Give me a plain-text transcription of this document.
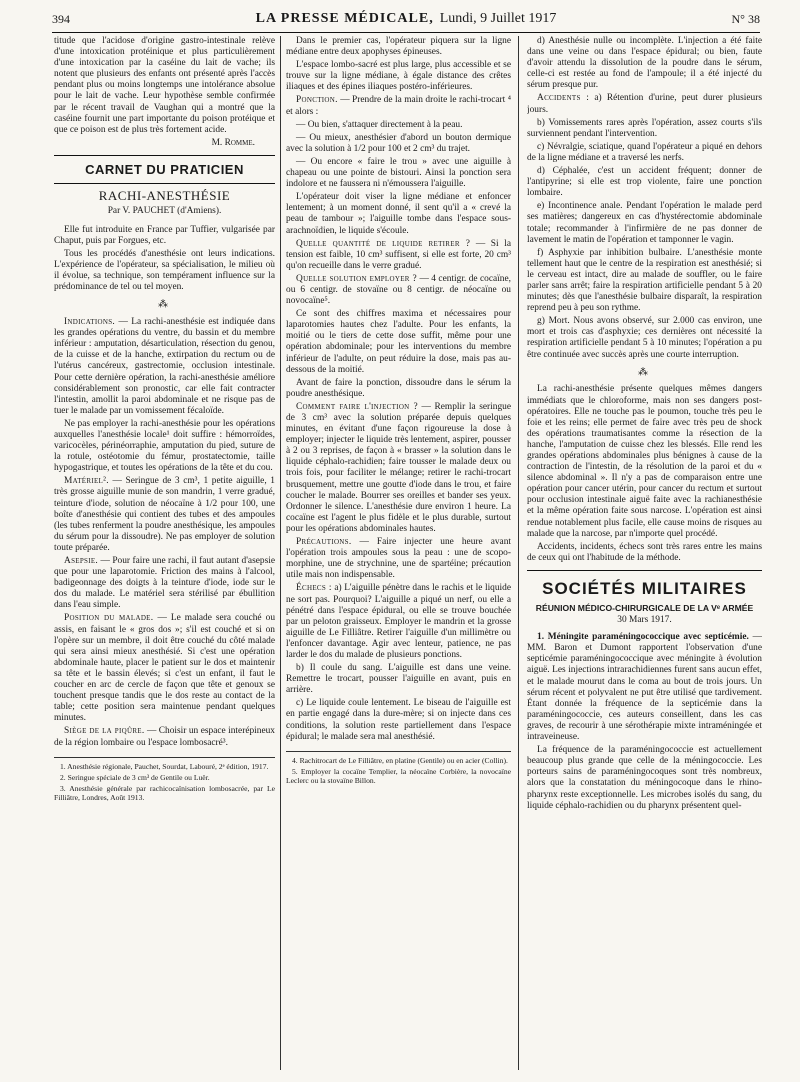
394	LA PRESSE MÉDICALE, Lundi, 9 Juillet 1917	N° 38

titude que l'acidose d'origine gastro-intestinale relève d'une intoxication protéinique et plus particulièrement d'une intoxication par la caséine du lait de vache; ils notent que plusieurs des enfants ont présenté après l'accès pendant plus ou moins longtemps une intolérance absolue pour le lait de vache. Leur hypothèse semble confirmée par le récent travail de Vaughan qui a montré que la caséine fournit une part importante du poison protéique et que ce poison est de plus très fortement acide.

M. Romme.
CARNET DU PRATICIEN
RACHI-ANESTHÉSIE
Par V. PAUCHET (d'Amiens).

Elle fut introduite en France par Tuffier, vulgarisée par Chaput, puis par Forgues, etc.

Tous les procédés d'anesthésie ont leurs indications. L'expérience de l'opérateur, sa spécialisation, le milieu où il évolue, sa technique, son tempérament influence sur la prédominance de tel ou tel moyen.

⁂

Indications. — La rachi-anesthésie est indiquée dans les grandes opérations du ventre, du bassin et du membre inférieur : amputation, désarticulation, résection du genou, de la cuisse et de la hanche, extirpation du rectum ou de l'utérus cancéreux, gastrectomie, occlusion intestinale. Pour cette dernière opération, la rachi-anesthésie améliore considérablement son pronostic, car elle fait contracter l'intestin, amollit la paroi abdominale et ne risque pas de tuer le malade par un vomissement fécaloïde.

Ne pas employer la rachi-anesthésie pour les opérations auxquelles l'anesthésie locale¹ doit suffire : hémorroïdes, varicocèles, périnéorraphie, amputation du pied, suture de la rotule, ostéotomie du fémur, prostatectomie, taille hypogastrique, et toutes les opérations de la tête et du cou.

Matériel². — Seringue de 3 cm³, 1 petite aiguille, 1 très grosse aiguille munie de son mandrin, 1 verre gradué, teinture d'iode, solution de néocaïne à 1/2 pour 100, une boîte d'anesthésie qui contient des tubes et des ampoules (les tubes renferment la poudre anesthésique, les ampoules du sérum pour la dissoudre). Ne pas employer de solution toute préparée.

Asepsie. — Pour faire une rachi, il faut autant d'asepsie que pour une laparotomie. Friction des mains à l'alcool, badigeonnage des doigts à la teinture d'iode, iode sur le dos du malade. Le matériel sera stérilisé par ébullition dans l'eau simple.

Position du malade. — Le malade sera couché ou assis, en faisant le « gros dos »; s'il est couché et si on l'opère sur un membre, il doit être couché du côté malade qui sera ainsi mieux anesthésié. Si c'est une opération abdominale haute, placer le patient sur le dos et maintenir sa tête et le bassin élevés; si c'est un enfant, il faut le coucher en arc de cercle de façon que tête et genoux se touchent presque tandis que le dos reste au contact de la table; cette position sera maintenue pendant quelques minutes.

Siège de la piqûre. — Choisir un espace interépineux de la région lombaire ou l'espace lombosacré³.

1. Anesthésie régionale, Pauchet, Sourdat, Labouré, 2ᵉ édition, 1917.
2. Seringue spéciale de 3 cm³ de Gentile ou Luër.
3. Anesthésie générale par rachicocaïnisation lombosacrée, par Le Filliâtre, Londres, Août 1913.

Dans le premier cas, l'opérateur piquera sur la ligne médiane entre deux apophyses épineuses.

L'espace lombo-sacré est plus large, plus accessible et se trouve sur la ligne médiane, à égale distance des crêtes iliaques et des épines iliaques postéro-inférieures.

Ponction. — Prendre de la main droite le rachi-trocart ⁴ et alors :

— Ou bien, s'attaquer directement à la peau.

— Ou mieux, anesthésier d'abord un bouton dermique avec la solution à 1/2 pour 100 et 2 cm³ du trajet.

— Ou encore « faire le trou » avec une aiguille à chapeau ou une pointe de bistouri. Ainsi la ponction sera indolore et ne faussera ni n'émoussera l'aiguille.

L'opérateur doit viser la ligne médiane et enfoncer lentement; à un moment donné, il sent qu'il a « crevé la peau de tambour »; l'aiguille tombe dans l'espace sous-arachnoïdien, le liquide s'écoule.

Quelle quantité de liquide retirer ? — Si la tension est faible, 10 cm³ suffisent, si elle est forte, 20 cm³ qu'on recueille dans le verre gradué.

Quelle solution employer ? — 4 centigr. de cocaïne, ou 6 centigr. de stovaïne ou 8 centigr. de néocaïne ou novocaïne⁵.

Ce sont des chiffres maxima et nécessaires pour laparotomies hautes chez l'adulte. Pour les enfants, la moitié ou le tiers de cette dose suffit, même pour une opération abdominale; pour les interventions du membre inférieur de l'adulte, on peut réduire la dose, mais pas au-dessous de la moitié.

Avant de faire la ponction, dissoudre dans le sérum la poudre anesthésique.

Comment faire l'injection ? — Remplir la seringue de 3 cm³ avec la solution préparée depuis quelques minutes, en évitant d'une façon rigoureuse la dose à employer; injecter le liquide très lentement, aspirer, pousser à 2 ou 3 reprises, de façon à « brasser » la solution dans le liquide céphalo-rachidien; faire tousser le malade deux ou trois fois, pour faciliter le mélange; retirer le rachi-trocart brusquement, mettre une goutte d'iode dans le trou, et faire coucher le malade. Bourrer ses oreilles et bander ses yeux. Ordonner le silence. L'anesthésie dure environ 1 heure. La cocaïne est l'agent le plus fidèle et le plus durable, surtout pour les opérations abdominales hautes.

Précautions. — Faire injecter une heure avant l'opération trois ampoules sous la peau : une de scopo-morphine, une de strychnine, une de spartéine; précaution utile mais non indispensable.

Échecs : a) L'aiguille pénètre dans le rachis et le liquide ne sort pas. Pourquoi? L'aiguille a piqué un nerf, ou elle a pénétré dans l'espace épidural, ou elle se trouve bouchée par un peloton graisseux. Employer le mandrin et la grosse aiguille de Le Filliâtre. Retirer l'aiguille d'un millimètre ou l'enfoncer davantage. Agir avec lenteur, patience, ne pas larder le dos du malade de plusieurs ponctions.

b) Il coule du sang. L'aiguille est dans une veine. Remettre le trocart, pousser l'aiguille en avant, puis en arrière.

c) Le liquide coule lentement. Le biseau de l'aiguille est en partie engagé dans la dure-mère; si on injecte dans ces conditions, la solution reste partiellement dans l'espace épidural; le malade sera mal anesthésié.

4. Rachitrocart de Le Filliâtre, en platine (Gentile) ou en acier (Collin).
5. Employer la cocaïne Templier, la néocaïne Corbière, la novocaïne Leclerc ou la stovaïne Billon.

d) Anesthésie nulle ou incomplète. L'injection a été faite dans une veine ou dans l'espace épidural; ou bien, faute d'avoir attendu la dissolution de la poudre dans le sérum, celle-ci est restée au fond de l'ampoule; il a été injecté du sérum presque pur.

Accidents : a) Rétention d'urine, peut durer plusieurs jours.

b) Vomissements rares après l'opération, assez courts s'ils surviennent pendant l'intervention.

c) Névralgie, sciatique, quand l'opérateur a piqué en dehors de la ligne médiane et a traversé les nerfs.

d) Céphalée, c'est un accident fréquent; donner de l'antipyrine; si elle est trop violente, faire une ponction lombaire.

e) Incontinence anale. Pendant l'opération le malade perd ses matières; dangereux en cas d'hystérectomie abdominale totale; recommander à l'infirmière de ne pas donner de lavement le matin de l'opération et tamponner le vagin.

f) Asphyxie par inhibition bulbaire. L'anesthésie monte tellement haut que le centre de la respiration est anesthésié; si le cerveau est intact, dire au malade de souffler, ou le faire parler sans arrêt; faire la respiration artificielle pendant 5 à 20 minutes; dès que l'anesthésie bulbaire disparaît, la respiration reprend peu à peu son rythme.

g) Mort. Nous avons observé, sur 2.000 cas environ, une mort et trois cas d'asphyxie; ces dernières ont nécessité la respiration artificielle pendant 5 à 10 minutes; l'opération a pu être continuée avec succès après une courte interruption.

⁂

La rachi-anesthésie présente quelques mêmes dangers immédiats que le chloroforme, mais non ses dangers post-opératoires. Elle ne touche pas le poumon, touche très peu le foie et les reins; elle permet de faire avec très peu de shock des opérations traumatisantes comme la résection de la hanche, l'amputation de cuisse chez les blessés. Elle rend les grandes opérations abdominales plus bénignes à cause de la contraction de l'intestin, de la résolution de la paroi et du « silence abdominal ». Il n'y a pas de comparaison entre une opération pour cancer utérin, pour cancer du rectum et surtout pour occlusion intestinale aiguë faite avec la rachianesthésie et la même opération faite sous narcose. L'opération est ainsi rendue notablement plus facile, elle cause moins de risques au malade que la narcose, par n'importe quel procédé.

Accidents, incidents, échecs sont très rares entre les mains de ceux qui ont l'habitude de la méthode.

SOCIÉTÉS MILITAIRES
RÉUNION MÉDICO-CHIRURGICALE DE LA Vᵉ ARMÉE
30 Mars 1917.

1. Méningite paraméningococcique avec septicémie. — MM. Baron et Dumont rapportent l'observation d'une septicémie paraméningococcique avec méningite à évolution aiguë. Les injections intrarachidiennes furent sans aucun effet, et le malade mourut dans le coma au bout de trois jours. Un sérum récent et polyvalent ne put être utilisé que tardivement. Étant donnée la fréquence de la septicémie dans la paraméningococcie, ces auteurs conseillent, dans les cas graves, de recourir à une sérothérapie mixte intraméningée et intraveineuse.

La fréquence de la paraméningococcie est actuellement beaucoup plus grande que celle de la méningococcie. Les porteurs sains de paraméningocoques sont très nombreux, alors que la constatation du méningocoque dans le rhino-pharynx reste exceptionnelle. Les microbes isolés du sang, du liquide céphalo-rachidien ou du pharynx présentent quel-
